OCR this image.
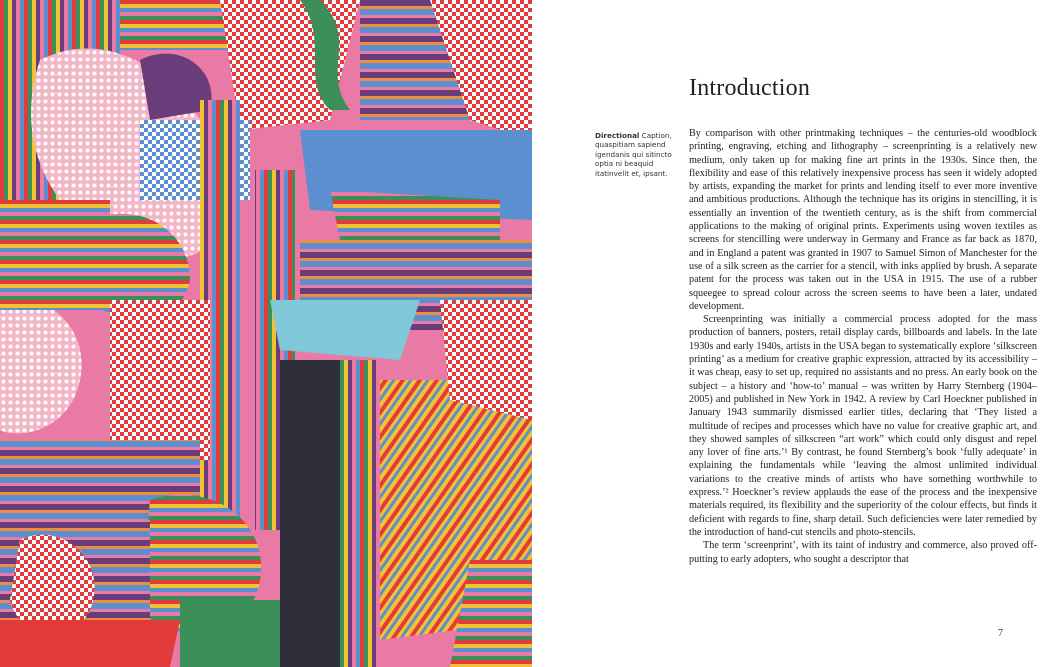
Directional Caption, quaspitiam sapiend igendanis qui sitincto optia ni beaquid itatinvelit et, ipsant.
Introduction

By comparison with other printmaking techniques – the centuries-old woodblock printing, engraving, etching and lithography – screenprinting is a relatively new medium, only taken up for making fine art prints in the 1930s. Since then, the flexibility and ease of this relatively inexpensive process has seen it widely adopted by artists, expanding the market for prints and lending itself to ever more inventive and ambitious productions. Although the technique has its origins in stencilling, it is essentially an invention of the twentieth century, as is the shift from commercial applications to the making of original prints. Experiments using woven textiles as screens for stencilling were underway in Germany and France as far back as 1870, and in England a patent was granted in 1907 to Samuel Simon of Manchester for the use of a silk screen as the carrier for a stencil, with inks applied by brush. A separate patent for the process was taken out in the USA in 1915. The use of a rubber squeegee to spread colour across the screen seems to have been a later, undated development.

Screenprinting was initially a commercial process adopted for the mass production of banners, posters, retail display cards, billboards and labels. In the late 1930s and early 1940s, artists in the USA began to systematically explore ‘silkscreen printing’ as a medium for creative graphic expression, attracted by its accessibility – it was cheap, easy to set up, required no assistants and no press. An early book on the subject – a history and ‘how-to’ manual – was written by Harry Sternberg (1904–2005) and published in New York in 1942. A review by Carl Hoeckner published in January 1943 summarily dismissed earlier titles, declaring that ‘They listed a multitude of recipes and processes which have no value for creative graphic art, and they showed samples of silkscreen “art work” which could only disgust and repel any lover of fine arts.’¹ By contrast, he found Sternberg’s book ‘fully adequate’ in explaining the fundamentals while ‘leaving the almost unlimited individual variations to the creative minds of artists who have something worthwhile to express.’² Hoeckner’s review applauds the ease of the process and the inexpensive materials required, its flexibility and the superiority of the colour effects, but finds it deficient with regards to fine, sharp detail. Such deficiencies were later remedied by the introduction of hand-cut stencils and photo-stencils.

The term ‘screenprint’, with its taint of industry and commerce, also proved off-putting to early adopters, who sought a descriptor that

7
